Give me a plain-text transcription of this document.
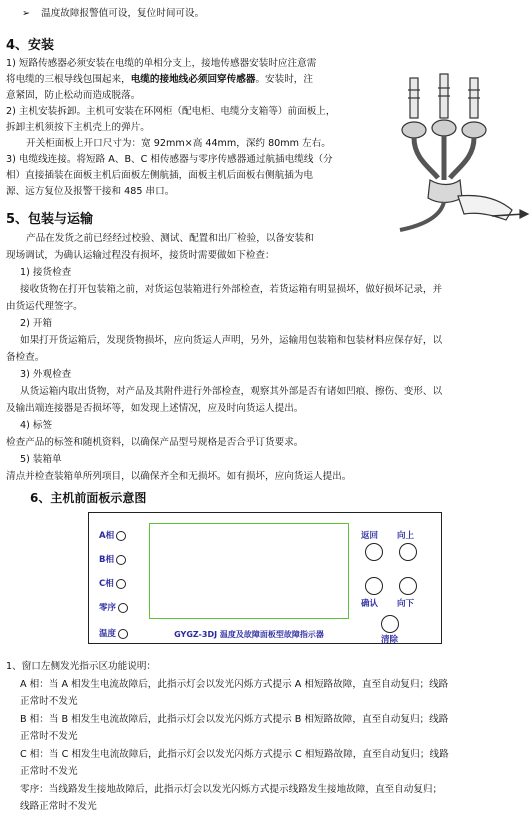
➢ 温度故障报警值可设，复位时间可设。
4、安装
1) 短路传感器必须安装在电缆的单相分支上，接地传感器安装时应注意需
将电缆的三根导线包围起来，电缆的接地线必须回穿传感器。安装时，注
意紧固，防止松动而造成脱落。
2) 主机安装拆卸。主机可安装在环网柜（配电柜、电缆分支箱等）前面板上，
拆卸主机须按下主机壳上的弹片。
开关柜面板上开口尺寸为：宽 92mm×高 44mm，深约 80mm 左右。
3) 电缆线连接。将短路 A、B、C 相传感器与零序传感器通过航插电缆线（分
相）直接插装在面板主机后面板左侧航插，面板主机后面板右侧航插为电
源、远方复位及报警干接和 485 串口。
5、包装与运输
产品在发货之前已经经过校验、测试、配置和出厂检验，以备安装和
现场调试，为确认运输过程没有损坏，接货时需要做如下检查：
1) 接货检查
接收货物在打开包装箱之前，对货运包装箱进行外部检查，若货运箱有明显损坏，做好损坏记录，并
由货运代理签字。
2) 开箱
如果打开货运箱后，发现货物损坏，应向货运人声明，另外，运输用包装箱和包装材料应保存好，以
备检查。
3) 外观检查
从货运箱内取出货物，对产品及其附件进行外部检查，观察其外部是否有诸如凹痕、擦伤、变形、以
及输出端连接器是否损坏等，如发现上述情况，应及时向货运人提出。
4) 标签
检查产品的标签和随机资料，以确保产品型号规格是否合乎订货要求。
5) 装箱单
清点并检查装箱单所列项目，以确保齐全和无损坏。如有损坏，应向货运人提出。
6、主机前面板示意图
A相
B相
C相
零序
温度
返回 向上
确认 向下
清除
GYGZ-3DJ 温度及故障面板型故障指示器
1、窗口左侧发光指示区功能说明：
A 相：当 A 相发生电流故障后，此指示灯会以发光闪烁方式提示 A 相短路故障，直至自动复归；线路
正常时不发光
B 相：当 B 相发生电流故障后，此指示灯会以发光闪烁方式提示 B 相短路故障，直至自动复归；线路
正常时不发光
C 相：当 C 相发生电流故障后，此指示灯会以发光闪烁方式提示 C 相短路故障，直至自动复归；线路
正常时不发光
零序：当线路发生接地故障后，此指示灯会以发光闪烁方式提示线路发生接地故障，直至自动复归；
线路正常时不发光
